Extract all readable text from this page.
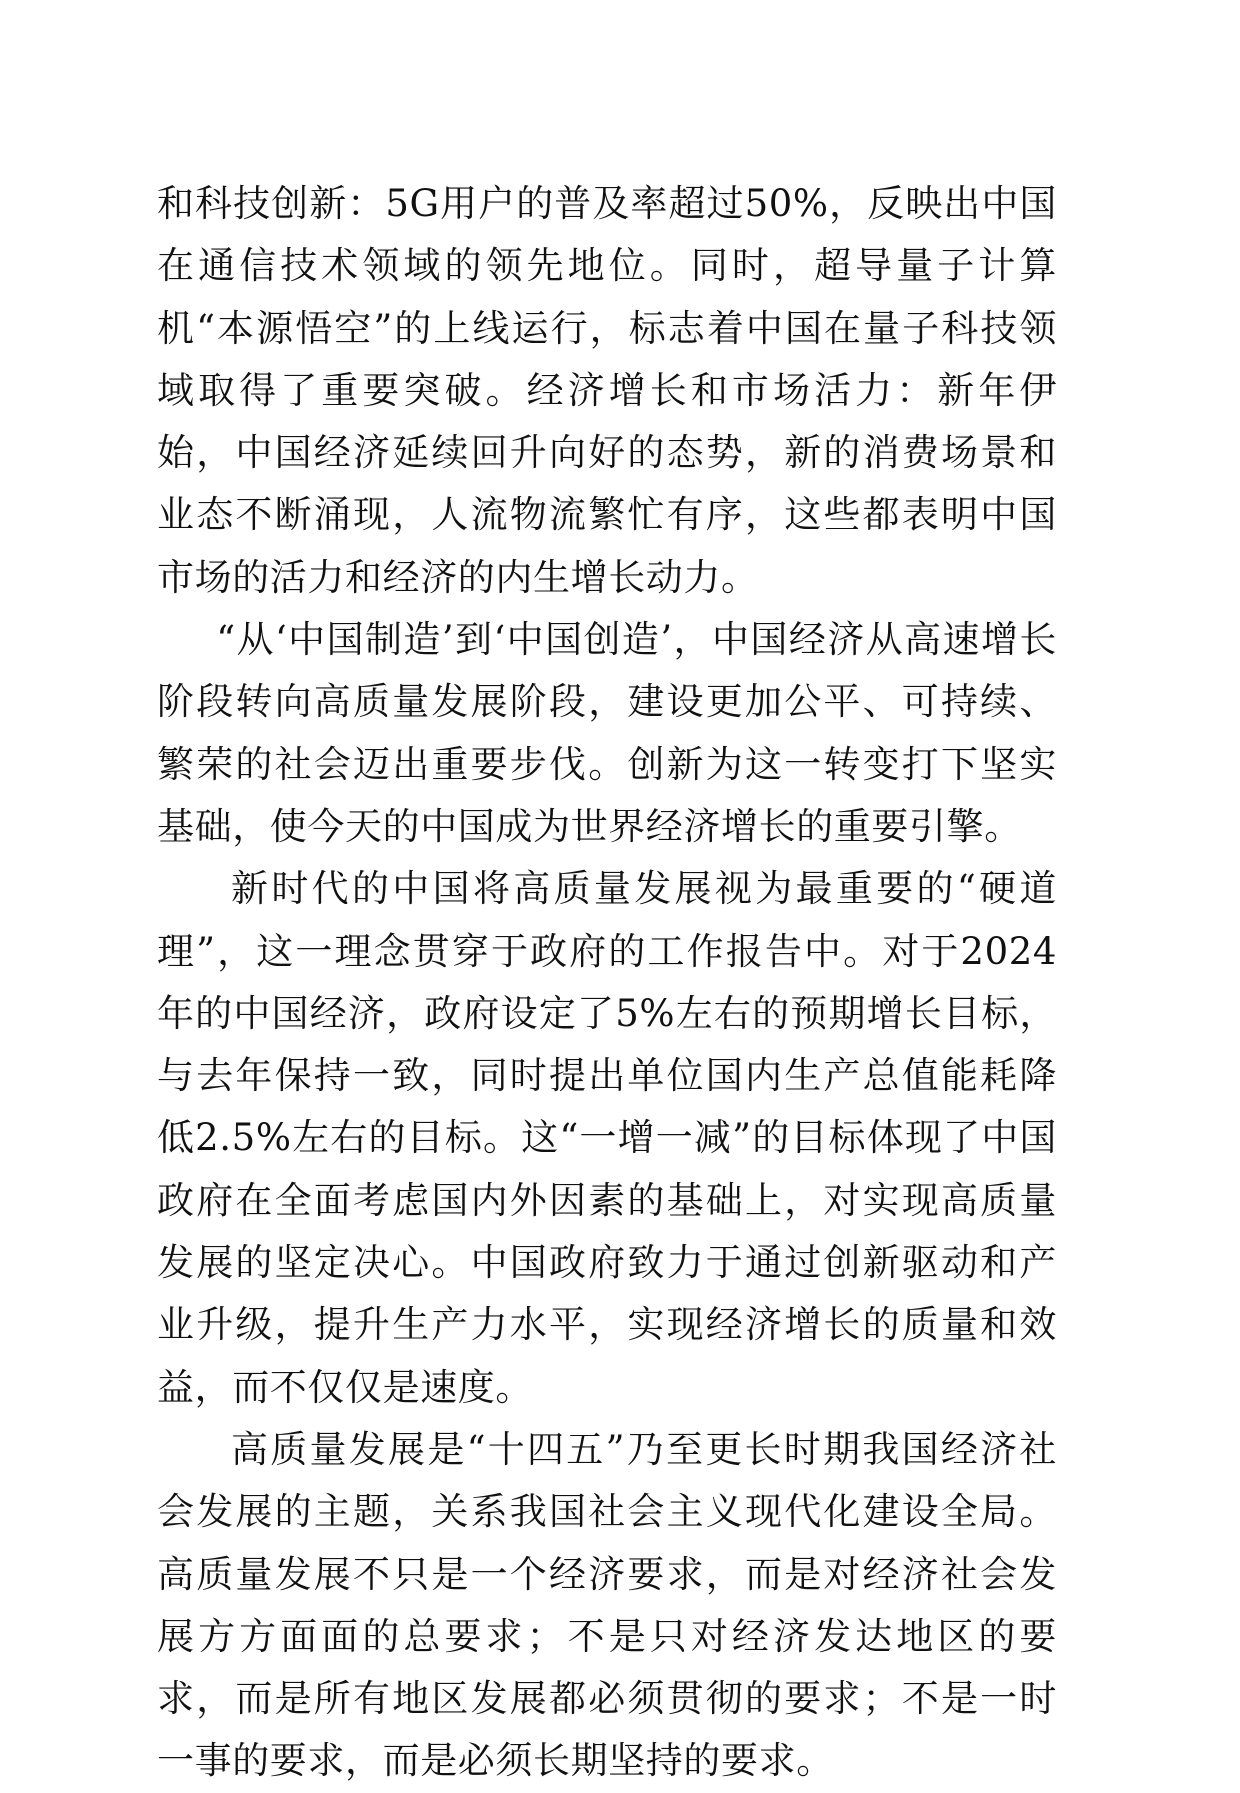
和科技创新：5G用户的普及率超过50%，反映出中国在通信技术领域的领先地位。同时，超导量子计算机“本源悟空”的上线运行，标志着中国在量子科技领域取得了重要突破。经济增长和市场活力：新年伊始，中国经济延续回升向好的态势，新的消费场景和业态不断涌现，人流物流繁忙有序，这些都表明中国市场的活力和经济的内生增长动力。

“从‘中国制造’到‘中国创造’，中国经济从高速增长阶段转向高质量发展阶段，建设更加公平、可持续、繁荣的社会迈出重要步伐。创新为这一转变打下坚实基础，使今天的中国成为世界经济增长的重要引擎。

新时代的中国将高质量发展视为最重要的“硬道理”，这一理念贯穿于政府的工作报告中。对于2024年的中国经济，政府设定了5%左右的预期增长目标，与去年保持一致，同时提出单位国内生产总值能耗降低2.5%左右的目标。这“一增一减”的目标体现了中国政府在全面考虑国内外因素的基础上，对实现高质量发展的坚定决心。中国政府致力于通过创新驱动和产业升级，提升生产力水平，实现经济增长的质量和效益，而不仅仅是速度。

高质量发展是“十四五”乃至更长时期我国经济社会发展的主题，关系我国社会主义现代化建设全局。高质量发展不只是一个经济要求，而是对经济社会发展方方面面的总要求；不是只对经济发达地区的要求，而是所有地区发展都必须贯彻的要求；不是一时一事的要求，而是必须长期坚持的要求。
